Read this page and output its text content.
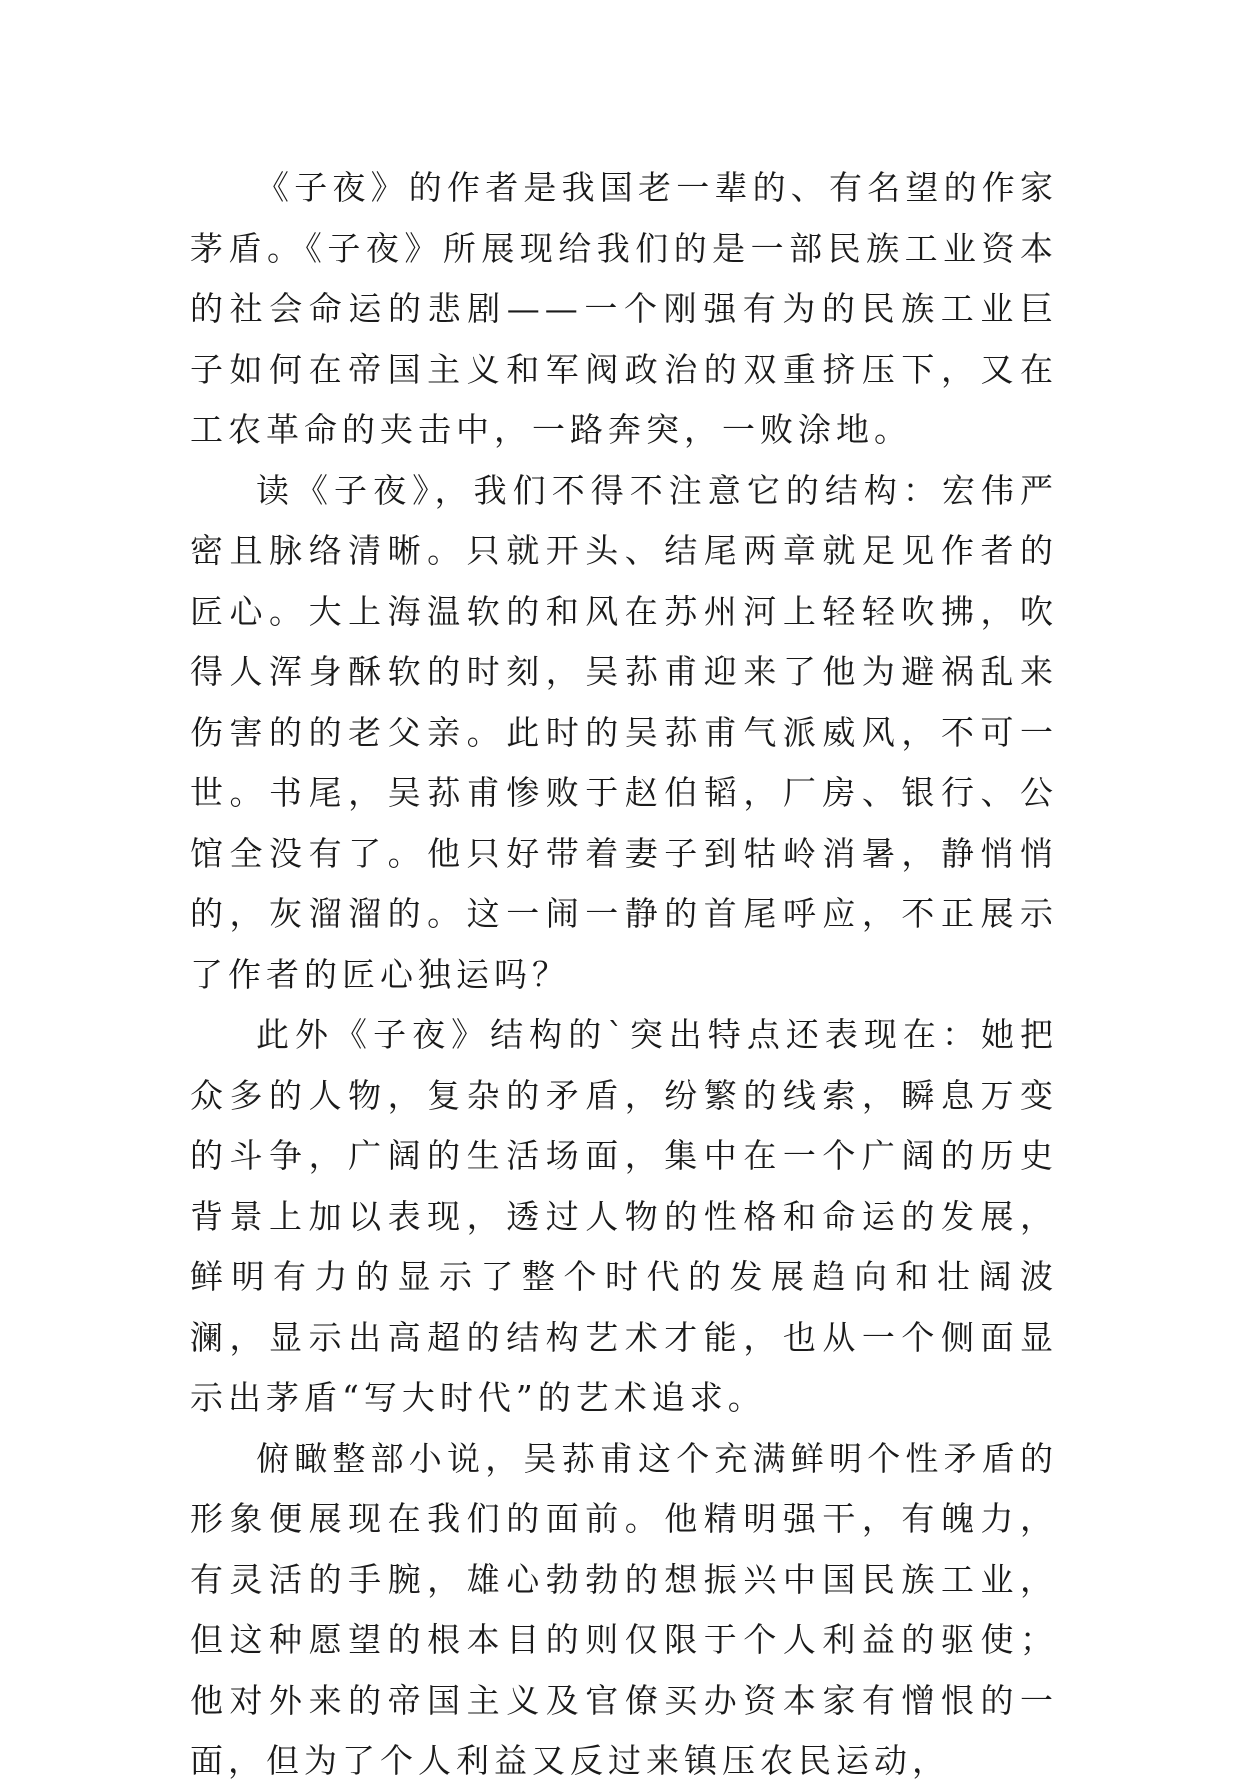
《子夜》的作者是我国老一辈的、有名望的作家茅盾。《子夜》所展现给我们的是一部民族工业资本的社会命运的悲剧——一个刚强有为的民族工业巨子如何在帝国主义和军阀政治的双重挤压下，又在工农革命的夹击中，一路奔突，一败涂地。

读《子夜》，我们不得不注意它的结构：宏伟严密且脉络清晰。只就开头、结尾两章就足见作者的匠心。大上海温软的和风在苏州河上轻轻吹拂，吹得人浑身酥软的时刻，吴荪甫迎来了他为避祸乱来伤害的的老父亲。此时的吴荪甫气派威风，不可一世。书尾，吴荪甫惨败于赵伯韬，厂房、银行、公馆全没有了。他只好带着妻子到牯岭消暑，静悄悄的，灰溜溜的。这一闹一静的首尾呼应，不正展示了作者的匠心独运吗？

此外《子夜》结构的`突出特点还表现在：她把众多的人物，复杂的矛盾，纷繁的线索，瞬息万变的斗争，广阔的生活场面，集中在一个广阔的历史背景上加以表现，透过人物的性格和命运的发展，鲜明有力的显示了整个时代的发展趋向和壮阔波澜，显示出高超的结构艺术才能，也从一个侧面显示出茅盾“写大时代”的艺术追求。

俯瞰整部小说，吴荪甫这个充满鲜明个性矛盾的形象便展现在我们的面前。他精明强干，有魄力，有灵活的手腕，雄心勃勃的想振兴中国民族工业，但这种愿望的根本目的则仅限于个人利益的驱使；他对外来的帝国主义及官僚买办资本家有憎恨的一面，但为了个人利益又反过来镇压农民运动，
